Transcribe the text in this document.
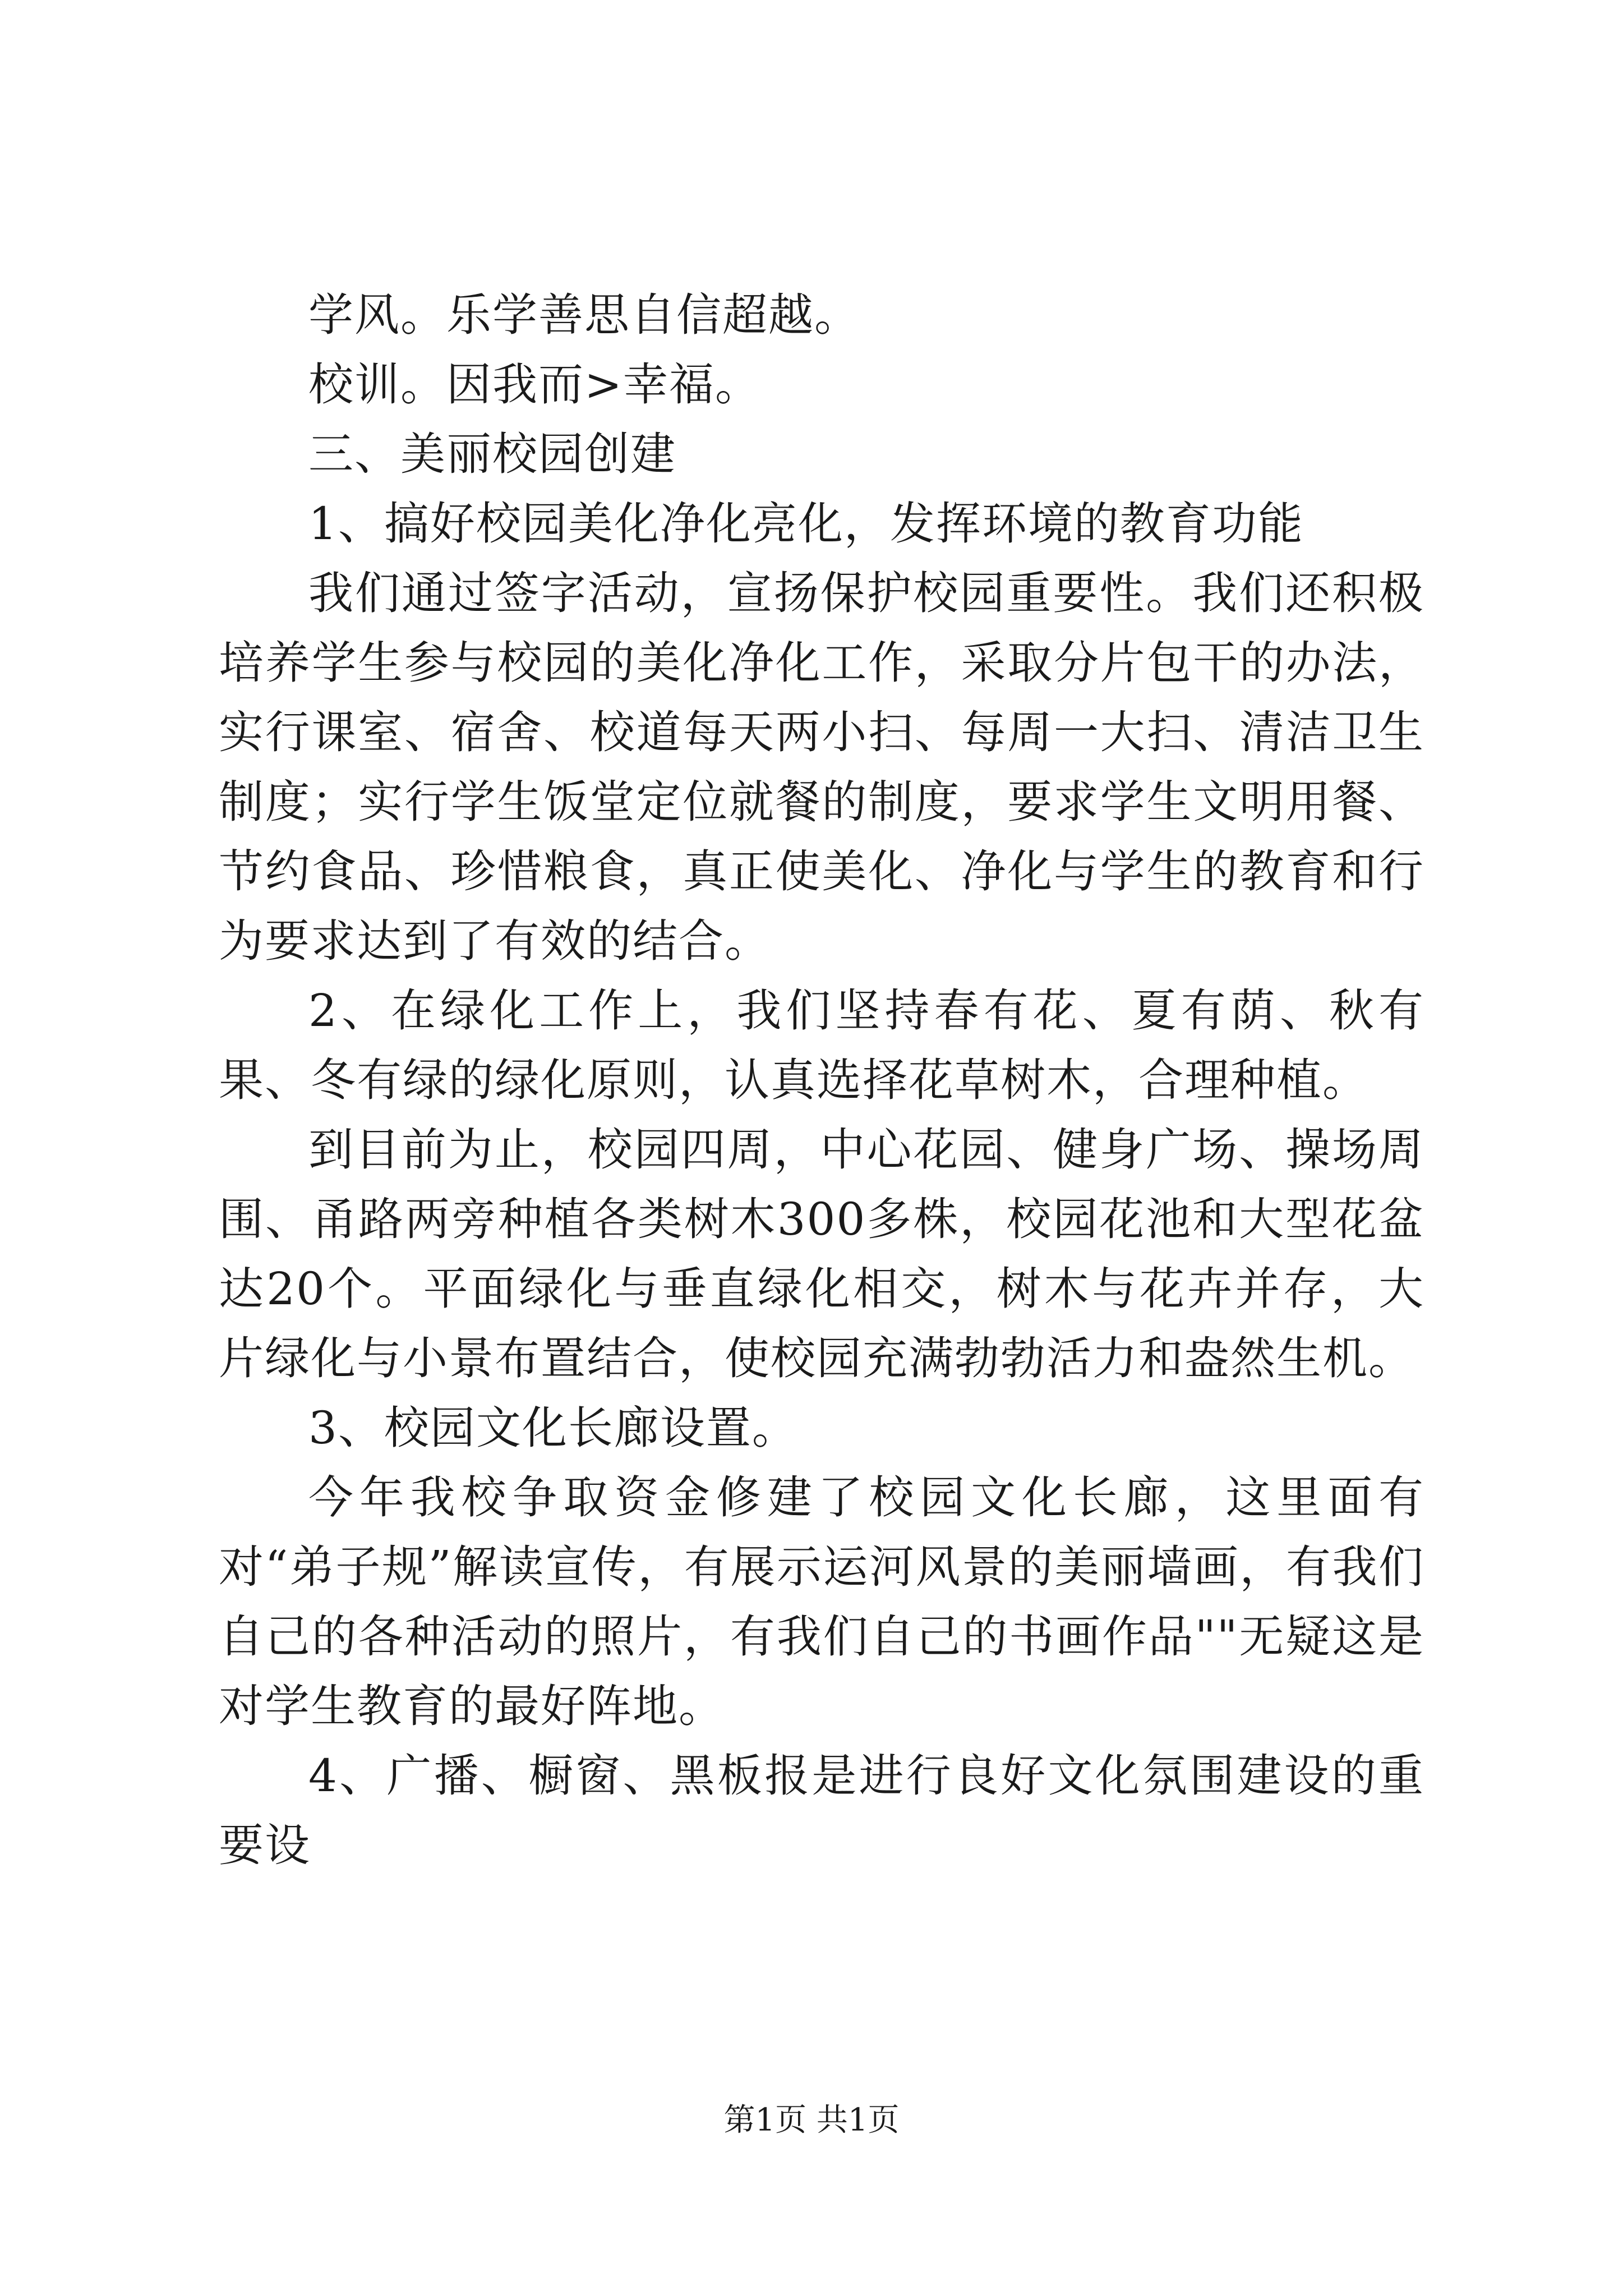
学风。乐学善思自信超越。

校训。因我而>幸福。

三、美丽校园创建

1、搞好校园美化净化亮化，发挥环境的教育功能

我们通过签字活动，宣扬保护校园重要性。我们还积极培养学生参与校园的美化净化工作，采取分片包干的办法，实行课室、宿舍、校道每天两小扫、每周一大扫、清洁卫生制度；实行学生饭堂定位就餐的制度，要求学生文明用餐、节约食品、珍惜粮食，真正使美化、净化与学生的教育和行为要求达到了有效的结合。

2、在绿化工作上，我们坚持春有花、夏有荫、秋有果、冬有绿的绿化原则，认真选择花草树木，合理种植。

到目前为止，校园四周，中心花园、健身广场、操场周围、甬路两旁种植各类树木300多株，校园花池和大型花盆达20个。平面绿化与垂直绿化相交，树木与花卉并存，大片绿化与小景布置结合，使校园充满勃勃活力和盎然生机。

3、校园文化长廊设置。

今年我校争取资金修建了校园文化长廊，这里面有对“弟子规”解读宣传，有展示运河风景的美丽墙画，有我们自己的各种活动的照片，有我们自己的书画作品""无疑这是对学生教育的最好阵地。

4、广播、橱窗、黑板报是进行良好文化氛围建设的重要设

第1页 共1页
